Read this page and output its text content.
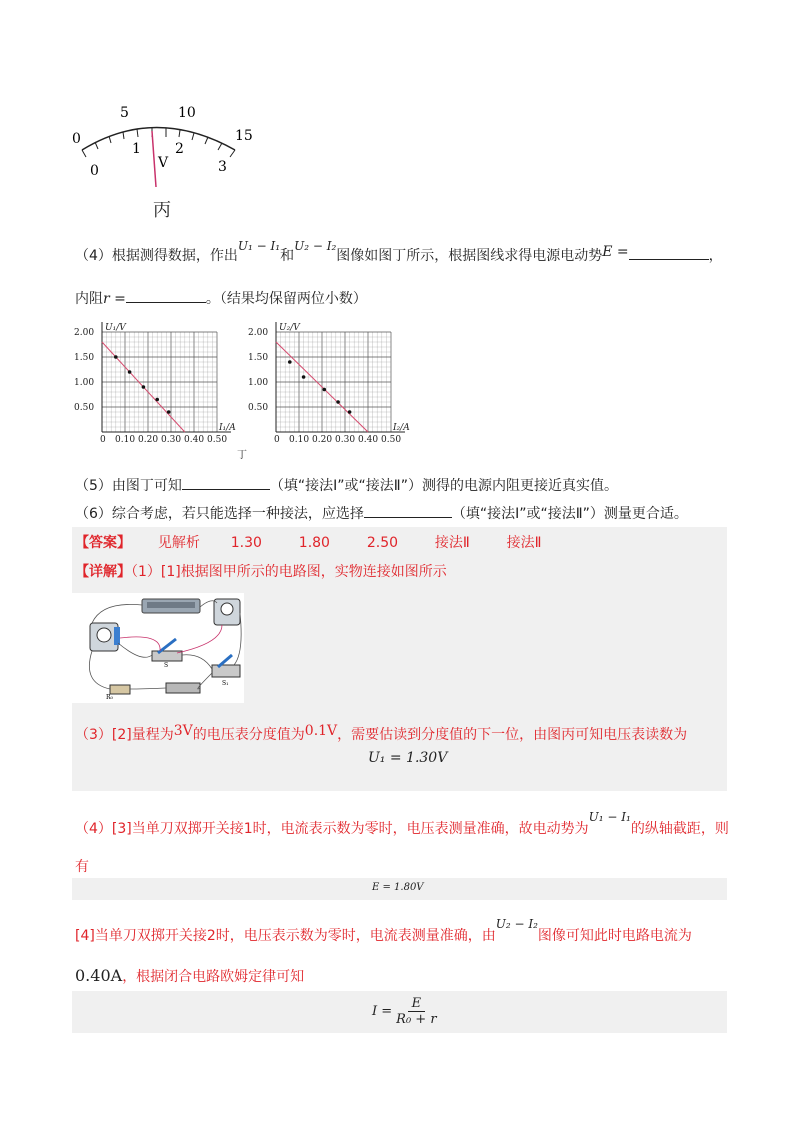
0
5	10
15
0
1 2
3
V
丙
（4）根据测得数据，作出U₁ − I₁和U₂ − I₂图像如图丁所示，根据图线求得电源电动势E =	，
内阻r =	。（结果均保留两位小数）
0.10 0.20 0.30 0.40 0.50
0
0.50
1.00
1.50
2.00 U₁/V
I₁/A
0.10 0.20 0.30 0.40 0.50
0
0.50
1.00
1.50
2.00 U₂/V
I₂/A
丁
（5）由图丁可知	（填“接法Ⅰ”或“接法Ⅱ”）测得的电源内阻更接近真实值。
（6）综合考虑，若只能选择一种接法，应选择	（填“接法Ⅰ”或“接法Ⅱ”）测量更合适。
【答案】 见解析 1.30	1.80	2.50	接法Ⅱ	接法Ⅱ
【详解】（1）[1]根据图甲所示的电路图，实物连接如图所示
R₀
S
S₁
（3）[2]量程为3V的电压表分度值为0.1V，需要估读到分度值的下一位，由图丙可知电压表读数为
U₁ = 1.30V
（4）[3]当单刀双掷开关接1时，电流表示数为零时，电压表测量准确，故电动势为U₁ − I₁的纵轴截距，则
有
E = 1.80V
[4]当单刀双掷开关接2时，电压表示数为零时，电流表测量准确，由U₂ − I₂图像可知此时电路电流为
0.40A，根据闭合电路欧姆定律可知
$I = \frac{E}{\text{R₀ + r}}$
